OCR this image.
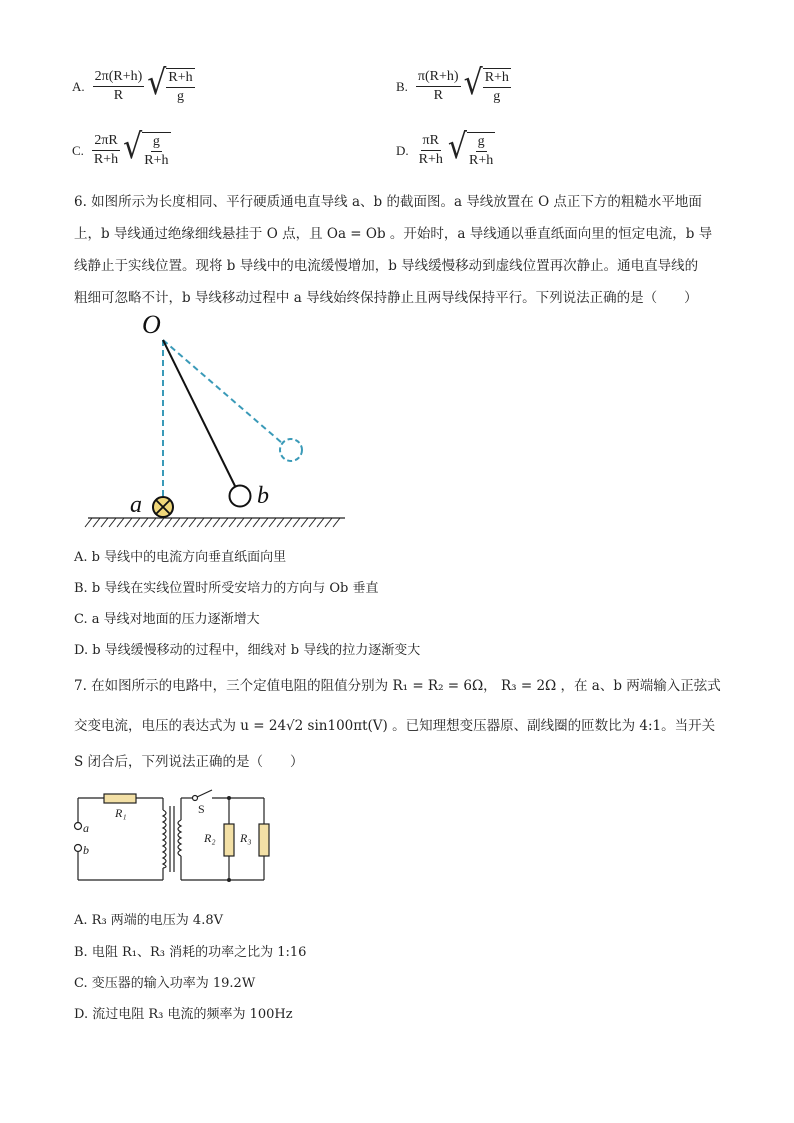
A. $\frac{2\pi(R+h)}{R}$ √ $\frac{R+h}{g}$	B. $\frac{\pi(R+h)}{R}$ √ $\frac{R+h}{g}$
C. $\frac{2\pi R}{R+h}$ √ $\frac{g}{R+h}$	D. $\frac{\pi R}{R+h}$ √ $\frac{g}{R+h}$
6. 如图所示为长度相同、平行硬质通电直导线 a、b 的截面图。a 导线放置在 O 点正下方的粗糙水平地面
上，b 导线通过绝缘细线悬挂于 O 点，且 Oa = Ob 。开始时，a 导线通以垂直纸面向里的恒定电流，b 导
线静止于实线位置。现将 b 导线中的电流缓慢增加，b 导线缓慢移动到虚线位置再次静止。通电直导线的
粗细可忽略不计，b 导线移动过程中 a 导线始终保持静止且两导线保持平行。下列说法正确的是（　　）
O
a	b
R₁
R₂ R₃
S
a
b
A. b 导线中的电流方向垂直纸面向里
B. b 导线在实线位置时所受安培力的方向与 Ob 垂直
C. a 导线对地面的压力逐渐增大
D. b 导线缓慢移动的过程中，细线对 b 导线的拉力逐渐变大
7. 在如图所示的电路中，三个定值电阻的阻值分别为 R₁ = R₂ = 6Ω， R₃ = 2Ω ，在 a、b 两端输入正弦式
交变电流，电压的表达式为 u = 24√2 sin100πt(V) 。已知理想变压器原、副线圈的匝数比为 4:1。当开关
S 闭合后，下列说法正确的是（　　）
A. R₃ 两端的电压为 4.8V
B. 电阻 R₁、R₃ 消耗的功率之比为 1:16
C. 变压器的输入功率为 19.2W
D. 流过电阻 R₃ 电流的频率为 100Hz
